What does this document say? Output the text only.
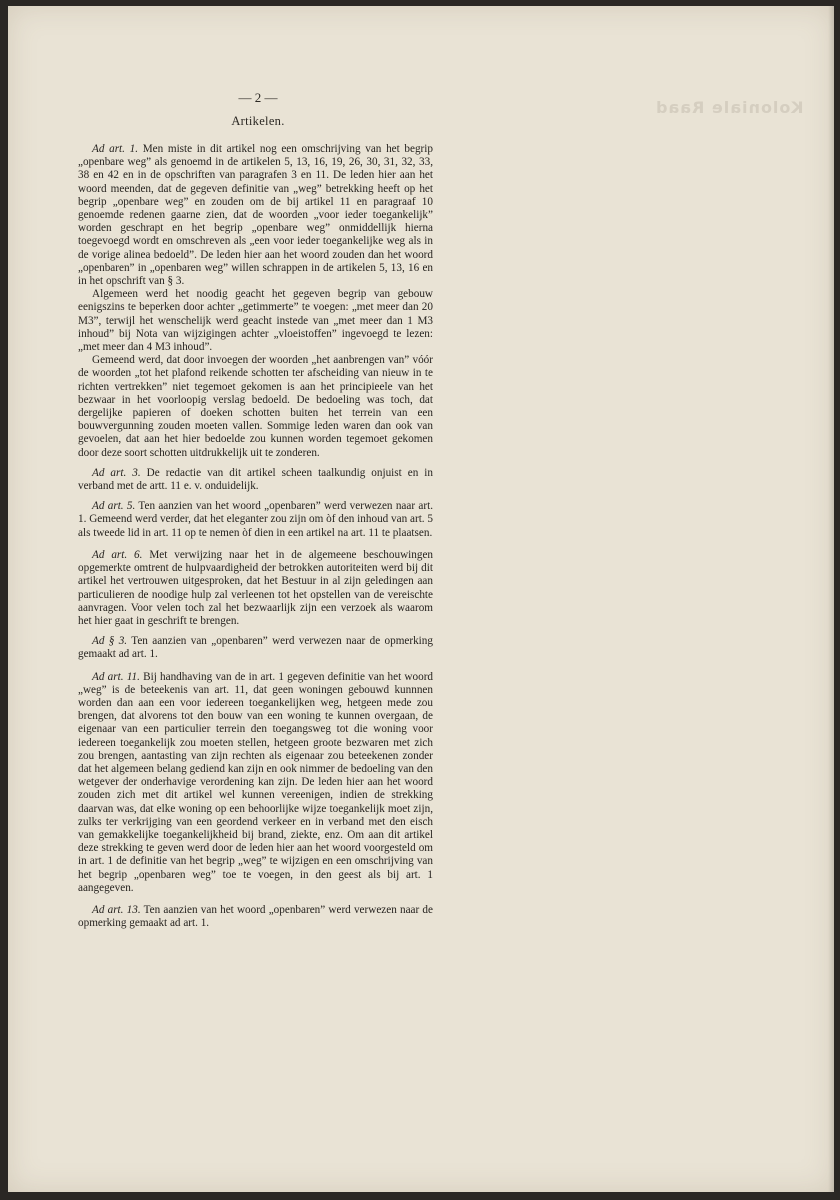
Koloniale Raad
— 2 —
Artikelen.

Ad art. 1. Men miste in dit artikel nog een omschrijving van het begrip „openbare weg” als genoemd in de artikelen 5, 13, 16, 19, 26, 30, 31, 32, 33, 38 en 42 en in de opschriften van paragrafen 3 en 11. De leden hier aan het woord meenden, dat de gegeven definitie van „weg” betrekking heeft op het begrip „openbare weg” en zouden om de bij artikel 11 en paragraaf 10 genoemde redenen gaarne zien, dat de woorden „voor ieder toegankelijk” worden geschrapt en het begrip „openbare weg” onmiddellijk hierna toegevoegd wordt en omschreven als „een voor ieder toegankelijke weg als in de vorige alinea bedoeld”. De leden hier aan het woord zouden dan het woord „openbaren” in „openbaren weg” willen schrappen in de artikelen 5, 13, 16 en in het opschrift van § 3.

Algemeen werd het noodig geacht het gegeven begrip van gebouw eenigszins te beperken door achter „getimmerte” te voegen: „met meer dan 20 M3”, terwijl het wenschelijk werd geacht instede van „met meer dan 1 M3 inhoud” bij Nota van wijzigingen achter „vloeistoffen” ingevoegd te lezen: „met meer dan 4 M3 inhoud”.

Gemeend werd, dat door invoegen der woorden „het aanbrengen van” vóór de woorden „tot het plafond reikende schotten ter afscheiding van nieuw in te richten vertrekken” niet tegemoet gekomen is aan het principieele van het bezwaar in het voorloopig verslag bedoeld. De bedoeling was toch, dat dergelijke papieren of doeken schotten buiten het terrein van een bouwvergunning zouden moeten vallen. Sommige leden waren dan ook van gevoelen, dat aan het hier bedoelde zou kunnen worden tegemoet gekomen door deze soort schotten uitdrukkelijk uit te zonderen.

Ad art. 3. De redactie van dit artikel scheen taalkundig onjuist en in verband met de artt. 11 e. v. onduidelijk.

Ad art. 5. Ten aanzien van het woord „openbaren” werd verwezen naar art. 1. Gemeend werd verder, dat het eleganter zou zijn om òf den inhoud van art. 5 als tweede lid in art. 11 op te nemen òf dien in een artikel na art. 11 te plaatsen.

Ad art. 6. Met verwijzing naar het in de algemeene beschouwingen opgemerkte omtrent de hulpvaardigheid der betrokken autoriteiten werd bij dit artikel het vertrouwen uitgesproken, dat het Bestuur in al zijn geledingen aan particulieren de noodige hulp zal verleenen tot het opstellen van de vereischte aanvragen. Voor velen toch zal het bezwaarlijk zijn een verzoek als waarom het hier gaat in geschrift te brengen.

Ad § 3. Ten aanzien van „openbaren” werd verwezen naar de opmerking gemaakt ad art. 1.

Ad art. 11. Bij handhaving van de in art. 1 gegeven definitie van het woord „weg” is de beteekenis van art. 11, dat geen woningen gebouwd kunnnen worden dan aan een voor iedereen toegankelijken weg, hetgeen mede zou brengen, dat alvorens tot den bouw van een woning te kunnen overgaan, de eigenaar van een particulier terrein den toegangsweg tot die woning voor iedereen toegankelijk zou moeten stellen, hetgeen groote bezwaren met zich zou brengen, aantasting van zijn rechten als eigenaar zou beteekenen zonder dat het algemeen belang gediend kan zijn en ook nimmer de bedoeling van den wetgever der onderhavige verordening kan zijn. De leden hier aan het woord zouden zich met dit artikel wel kunnen vereenigen, indien de strekking daarvan was, dat elke woning op een behoorlijke wijze toegankelijk moet zijn, zulks ter verkrijging van een geordend verkeer en in verband met den eisch van gemakkelijke toegankelijkheid bij brand, ziekte, enz. Om aan dit artikel deze strekking te geven werd door de leden hier aan het woord voorgesteld om in art. 1 de definitie van het begrip „weg” te wijzigen en een omschrijving van het begrip „openbaren weg” toe te voegen, in den geest als bij art. 1 aangegeven.

Ad art. 13. Ten aanzien van het woord „openbaren” werd verwezen naar de opmerking gemaakt ad art. 1.
